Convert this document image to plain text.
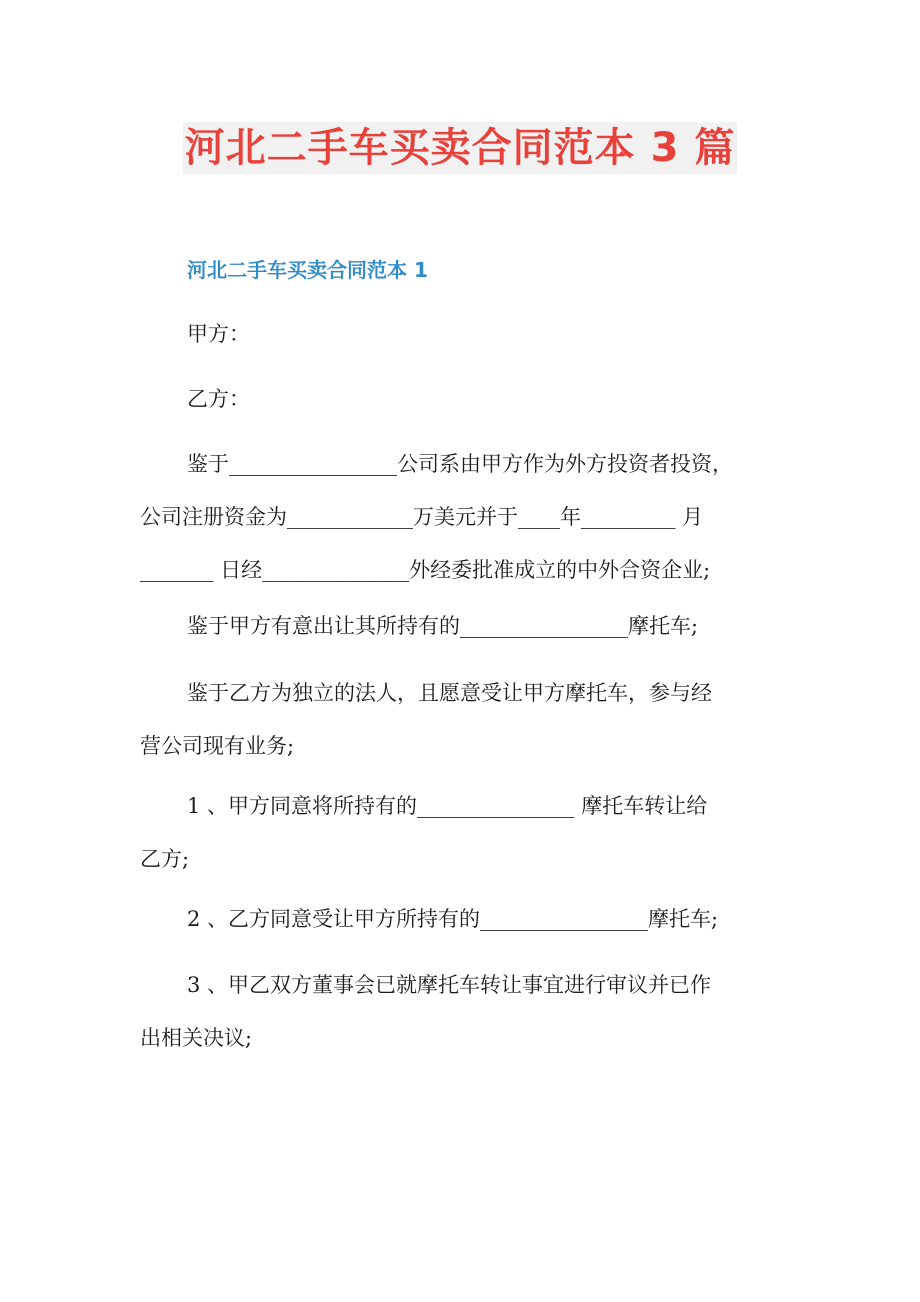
河北二手车买卖合同范本 3 篇
河北二手车买卖合同范本 1

甲方：

乙方：

鉴于________________公司系由甲方作为外方投资者投资，
公司注册资金为____________万美元并于____年_________ 月
_______ 日经______________外经委批准成立的中外合资企业;

鉴于甲方有意出让其所持有的________________摩托车;

鉴于乙方为独立的法人，且愿意受让甲方摩托车，参与经
营公司现有业务;

1 、甲方同意将所持有的_______________ 摩托车转让给
乙方;

2 、乙方同意受让甲方所持有的________________摩托车;

3 、甲乙双方董事会已就摩托车转让事宜进行审议并已作
出相关决议;
